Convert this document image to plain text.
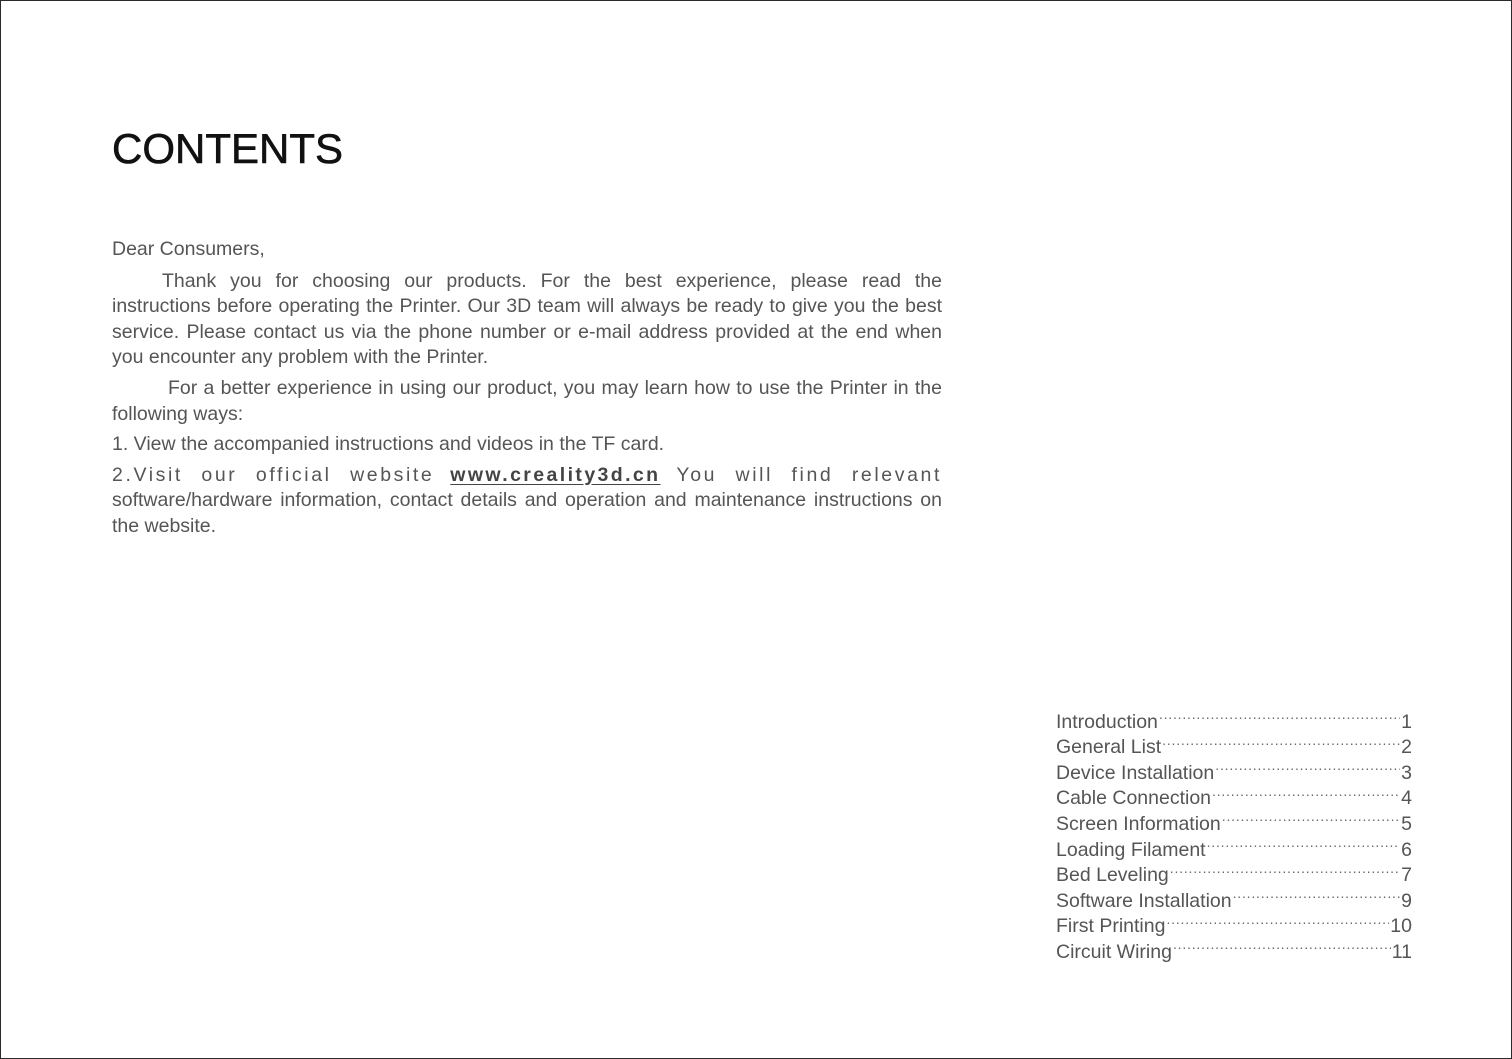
CONTENTS

Dear Consumers,

Thank you for choosing our products. For the best experience, please read the instructions before operating the Printer. Our 3D team will always be ready to give you the best service. Please contact us via the phone number or e-mail address provided at the end when you encounter any problem with the Printer.

For a better experience in using our product, you may learn how to use the Printer in the following ways:

1. View the accompanied instructions and videos in the TF card.

2.Visit our official website www.creality3d.cn You will find relevant software/hardware information, contact details and operation and maintenance instructions on the website.

Introduction .....	1
General List .....	2
Device Installation .....	3
Cable Connection .....	4
Screen Information .....	5
Loading Filament .....	6
Bed Leveling .....	7
Software Installation .....	9
First Printing .....	10
Circuit Wiring .....	11
